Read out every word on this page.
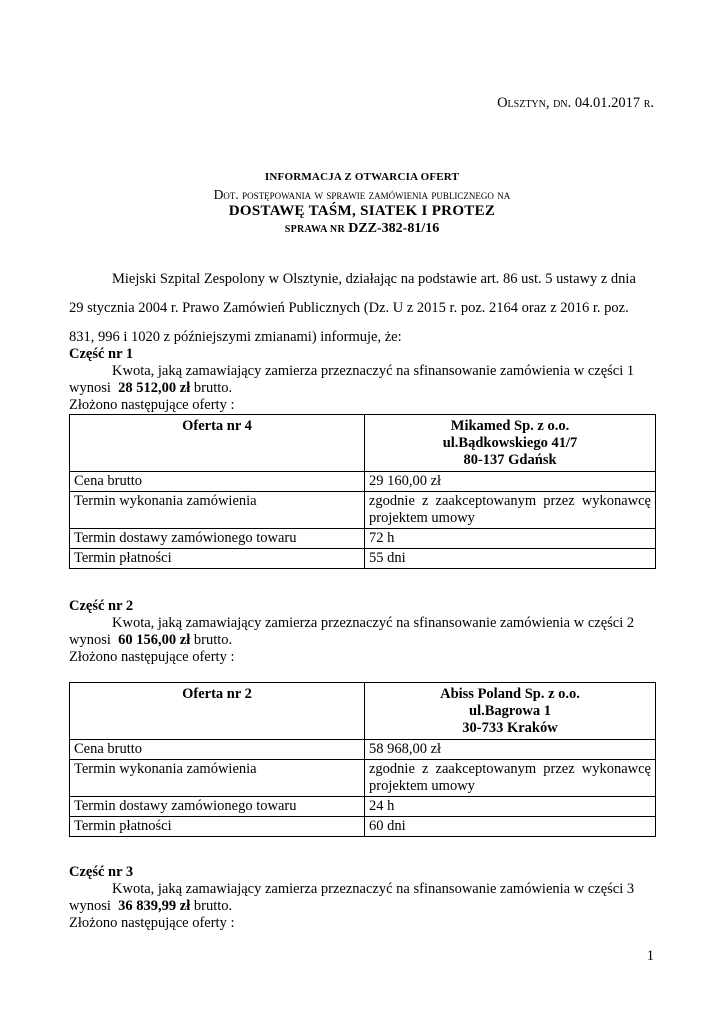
Olsztyn, dn. 04.01.2017 r.
INFORMACJA Z OTWARCIA OFERT
Dot. postępowania w sprawie zamówienia publicznego na
DOSTAWĘ TAŚM, SIATEK I PROTEZ
SPRAWA NR DZZ-382-81/16

Miejski Szpital Zespolony w Olsztynie, działając na podstawie art. 86 ust. 5 ustawy z dnia

29 stycznia 2004 r. Prawo Zamówień Publicznych (Dz. U z 2015 r. poz. 2164 oraz z 2016 r. poz.

831, 996 i 1020 z późniejszymi zmianami) informuje, że:

Część nr 1
Kwota, jaką zamawiający zamierza przeznaczyć na sfinansowanie zamówienia w części 1
wynosi 28 512,00 zł brutto.
Złożono następujące oferty :
Oferta nr 4	Mikamed Sp. z o.o.
ul.Bądkowskiego 41/7
80-137 Gdańsk

Cena brutto	29 160,00 zł
Termin wykonania zamówienia	zgodnie z zaakceptowanym przez wykonawcę projektem umowy
Termin dostawy zamówionego towaru	72 h
Termin płatności	55 dni
Część nr 2
Kwota, jaką zamawiający zamierza przeznaczyć na sfinansowanie zamówienia w części 2
wynosi 60 156,00 zł brutto.
Złożono następujące oferty :
Oferta nr 2	Abiss Poland Sp. z o.o.
ul.Bagrowa 1
30-733 Kraków

Cena brutto	58 968,00 zł
Termin wykonania zamówienia	zgodnie z zaakceptowanym przez wykonawcę projektem umowy
Termin dostawy zamówionego towaru	24 h
Termin płatności	60 dni
Część nr 3
Kwota, jaką zamawiający zamierza przeznaczyć na sfinansowanie zamówienia w części 3
wynosi 36 839,99 zł brutto.
Złożono następujące oferty :
1
